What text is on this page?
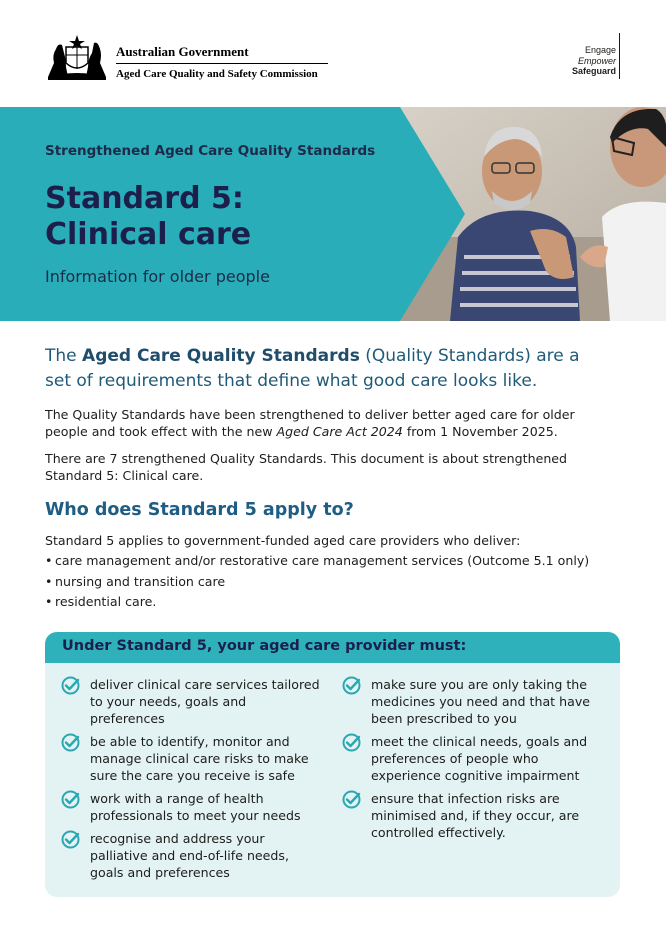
Australian Government
Aged Care Quality and Safety Commission
Engage
Empower
Safeguard
Strengthened Aged Care Quality Standards
Standard 5:
Clinical care
Information for older people
The Aged Care Quality Standards (Quality Standards) are a set of requirements that define what good care looks like.
The Quality Standards have been strengthened to deliver better aged care for older people and took effect with the new Aged Care Act 2024 from 1 November 2025.
There are 7 strengthened Quality Standards. This document is about strengthened Standard 5: Clinical care.
Who does Standard 5 apply to?
Standard 5 applies to government-funded aged care providers who deliver:
• care management and/or restorative care management services (Outcome 5.1 only)
• nursing and transition care
• residential care.
Under Standard 5, your aged care provider must:
deliver clinical care services tailored to your needs, goals and preferences
be able to identify, monitor and manage clinical care risks to make sure the care you receive is safe
work with a range of health professionals to meet your needs
recognise and address your palliative and end-of-life needs, goals and preferences
make sure you are only taking the medicines you need and that have been prescribed to you
meet the clinical needs, goals and preferences of people who experience cognitive impairment
ensure that infection risks are minimised and, if they occur, are controlled effectively.
